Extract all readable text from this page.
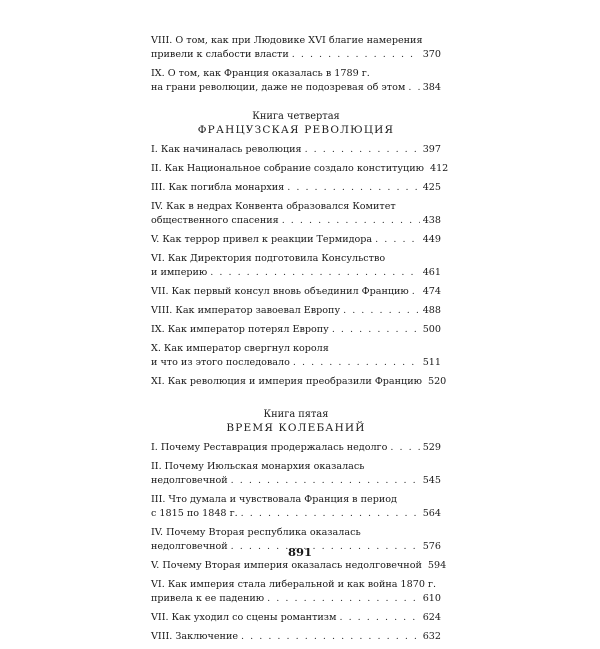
VIII. О том, как при Людовике XVI благие намерения
привели к слабости власти . . .	370
IX. О том, как Франция оказалась в 1789 г.
на грани революции, даже не подозревая об этом . . . 384
Книга четвертая
ФРАНЦУЗСКАЯ РЕВОЛЮЦИЯ
I. Как начиналась революция . . .	397
II. Как Национальное собрание создало конституцию 412
III. Как погибла монархия . . .	425
IV. Как в недрах Конвента образовался Комитет
общественного спасения . . .	438
V. Как террор привел к реакции Термидора . . .	449
VI. Как Директория подготовила Консульство
и империю . . .	461
VII. Как первый консул вновь объединил Францию . . . 474
VIII. Как император завоевал Европу . . .	488
IX. Как император потерял Европу . . .	500
X. Как император свергнул короля
и что из этого последовало . . .	511
XI. Как революция и империя преобразили Францию 520
Книга пятая
ВРЕМЯ КОЛЕБАНИЙ
I. Почему Реставрация продержалась недолго . . .	529
II. Почему Июльская монархия оказалась
недолговечной . . .	545
III. Что думала и чувствовала Франция в период
с 1815 по 1848 г. . . .	564
IV. Почему Вторая республика оказалась
недолговечной . . .	576
V. Почему Вторая империя оказалась недолговечной 594
VI. Как империя стала либеральной и как война 1870 г.
привела к ее падению . . .	610
VII. Как уходил со сцены романтизм . . .	624
VIII. Заключение . . .	632
891
